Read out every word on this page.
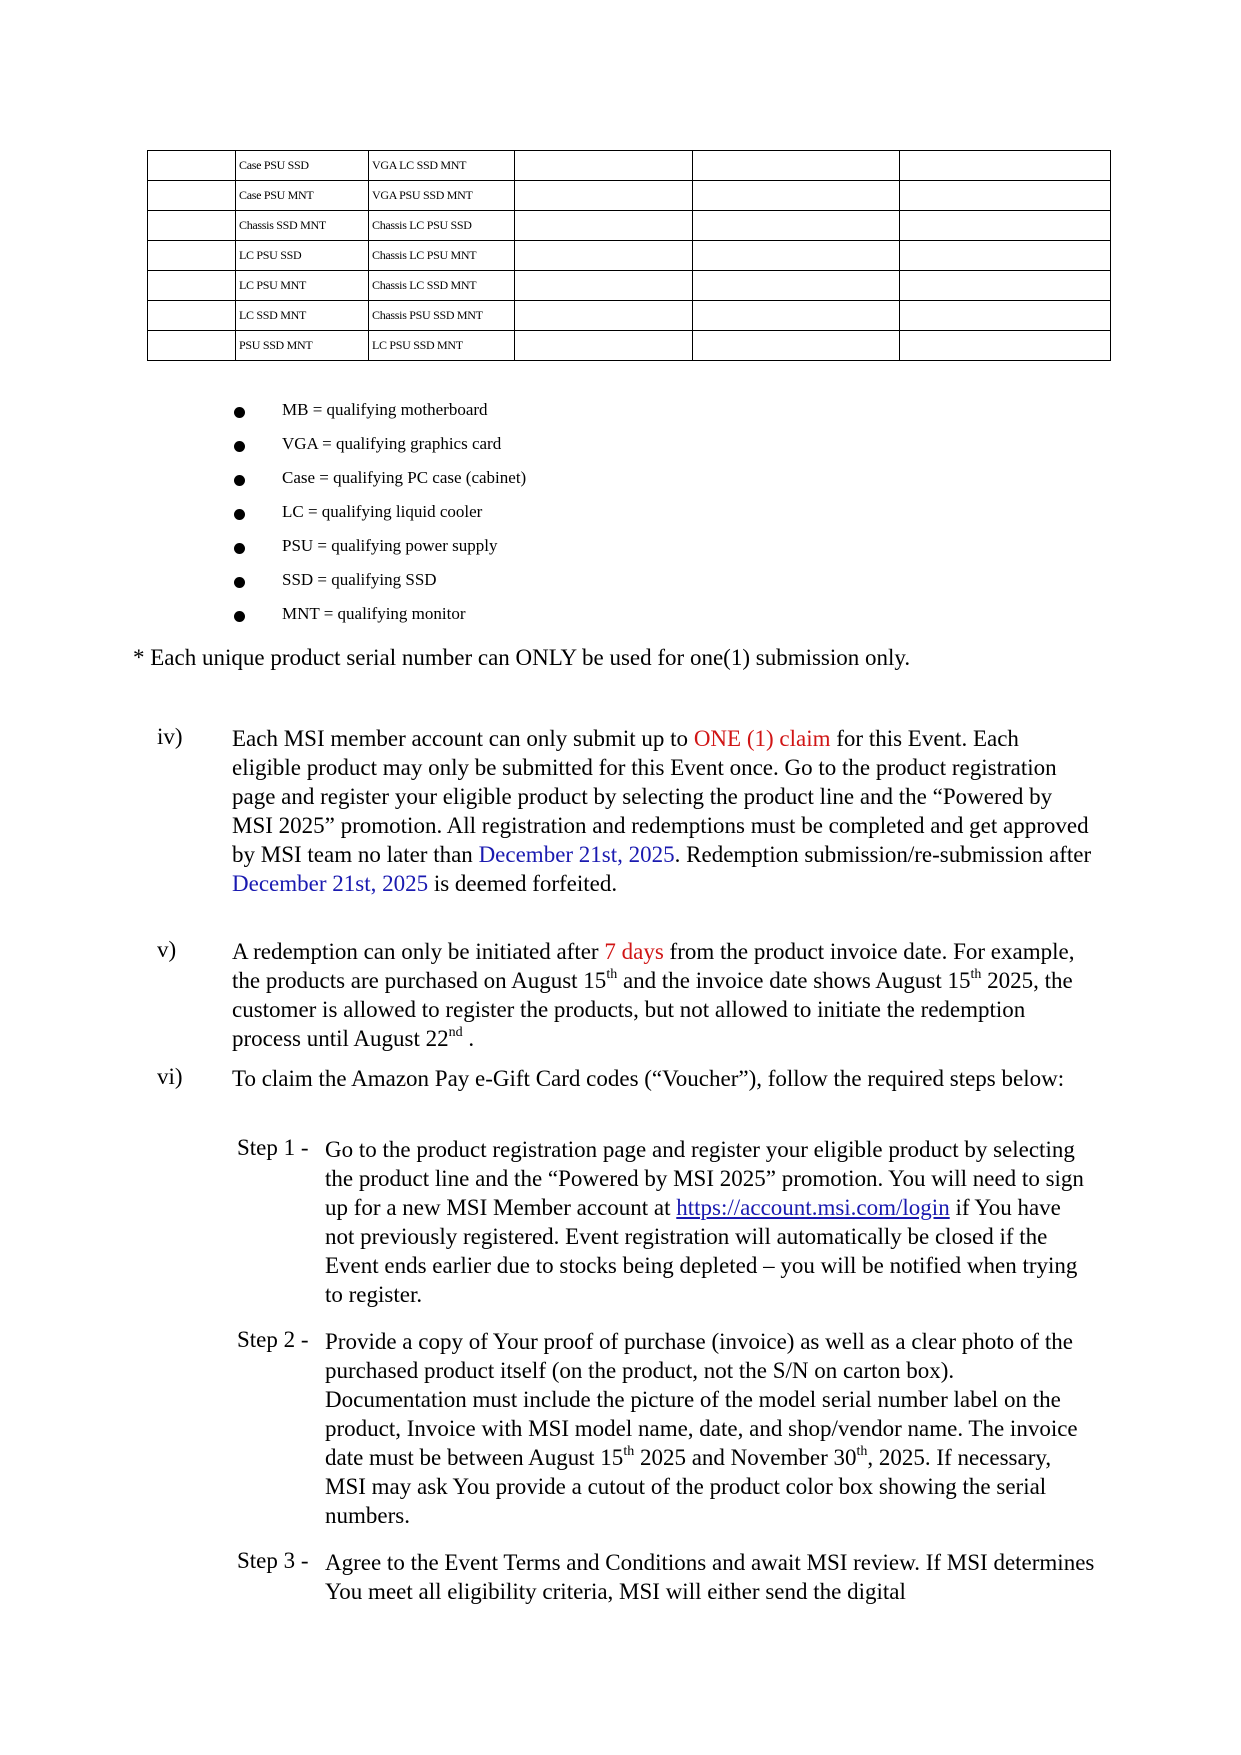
	Case PSU SSD	VGA LC SSD MNT			
	Case PSU MNT	VGA PSU SSD MNT			
	Chassis SSD MNT	Chassis LC PSU SSD			
	LC PSU SSD	Chassis LC PSU MNT			
	LC PSU MNT	Chassis LC SSD MNT			
	LC SSD MNT	Chassis PSU SSD MNT			
	PSU SSD MNT	LC PSU SSD MNT			
MB = qualifying motherboard
VGA = qualifying graphics card
Case = qualifying PC case (cabinet)
LC = qualifying liquid cooler
PSU = qualifying power supply
SSD = qualifying SSD
MNT = qualifying monitor

* Each unique product serial number can ONLY be used for one(1) submission only.

iv) Each MSI member account can only submit up to ONE (1) claim for this Event. Each eligible product may only be submitted for this Event once. Go to the product registration page and register your eligible product by selecting the product line and the “Powered by MSI 2025” promotion. All registration and redemptions must be completed and get approved by MSI team no later than December 21st, 2025. Redemption submission/re-submission after December 21st, 2025 is deemed forfeited.
v) A redemption can only be initiated after 7 days from the product invoice date. For example, the products are purchased on August 15th and the invoice date shows August 15th 2025, the customer is allowed to register the products, but not allowed to initiate the redemption process until August 22nd .
vi) To claim the Amazon Pay e-Gift Card codes (“Voucher”), follow the required steps below:
Step 1 - Go to the product registration page and register your eligible product by selecting the product line and the “Powered by MSI 2025” promotion. You will need to sign up for a new MSI Member account at https://account.msi.com/login if You have not previously registered. Event registration will automatically be closed if the Event ends earlier due to stocks being depleted – you will be notified when trying to register.
Step 2 - Provide a copy of Your proof of purchase (invoice) as well as a clear photo of the purchased product itself (on the product, not the S/N on carton box). Documentation must include the picture of the model serial number label on the product, Invoice with MSI model name, date, and shop/vendor name. The invoice date must be between August 15th 2025 and November 30th, 2025. If necessary, MSI may ask You provide a cutout of the product color box showing the serial numbers.
Step 3 - Agree to the Event Terms and Conditions and await MSI review. If MSI determines You meet all eligibility criteria, MSI will either send the digital
